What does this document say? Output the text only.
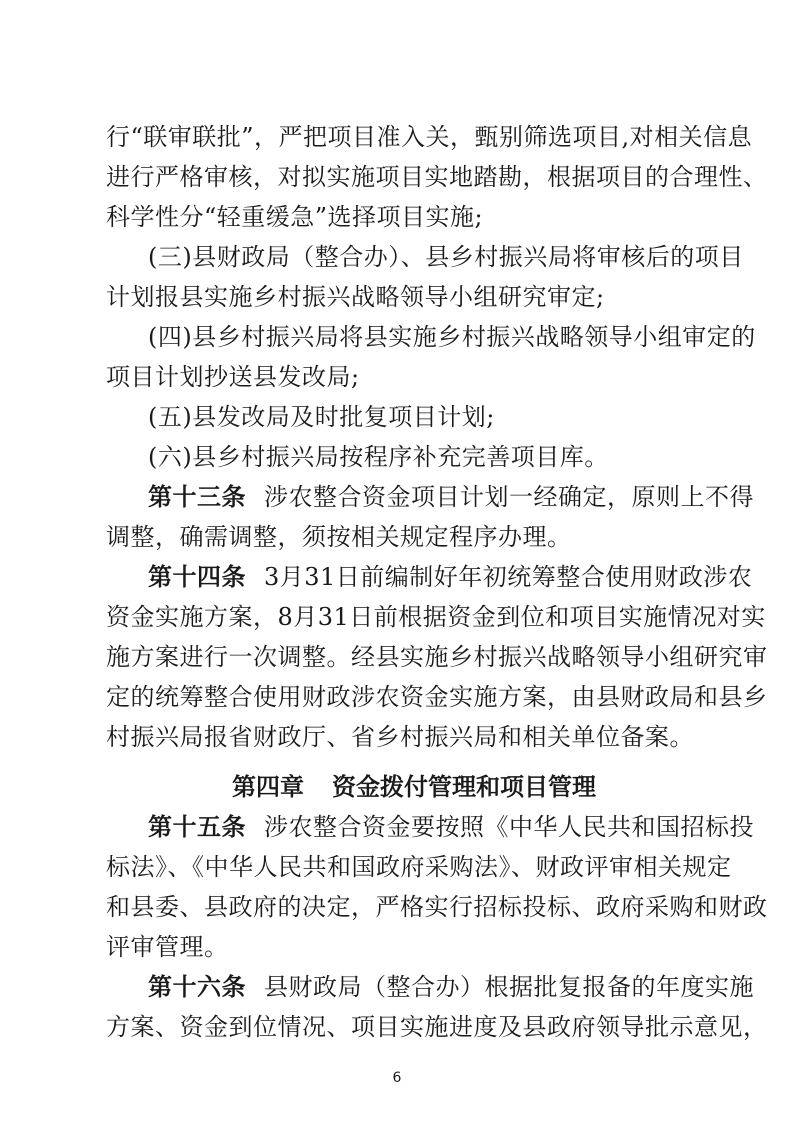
行“联审联批”，严把项目准入关，甄别筛选项目,对相关信息
进行严格审核，对拟实施项目实地踏勘，根据项目的合理性、
科学性分“轻重缓急”选择项目实施;
(三)县财政局（整合办）、县乡村振兴局将审核后的项目
计划报县实施乡村振兴战略领导小组研究审定;
(四)县乡村振兴局将县实施乡村振兴战略领导小组审定的
项目计划抄送县发改局;
(五)县发改局及时批复项目计划;
(六)县乡村振兴局按程序补充完善项目库。
第十三条 涉农整合资金项目计划一经确定，原则上不得
调整，确需调整，须按相关规定程序办理。
第十四条 3月31日前编制好年初统筹整合使用财政涉农
资金实施方案，8月31日前根据资金到位和项目实施情况对实
施方案进行一次调整。经县实施乡村振兴战略领导小组研究审
定的统筹整合使用财政涉农资金实施方案，由县财政局和县乡
村振兴局报省财政厅、省乡村振兴局和相关单位备案。
第四章 资金拨付管理和项目管理
第十五条 涉农整合资金要按照《中华人民共和国招标投
标法》、《中华人民共和国政府采购法》、财政评审相关规定
和县委、县政府的决定，严格实行招标投标、政府采购和财政
评审管理。
第十六条 县财政局（整合办）根据批复报备的年度实施
方案、资金到位情况、项目实施进度及县政府领导批示意见，
6
